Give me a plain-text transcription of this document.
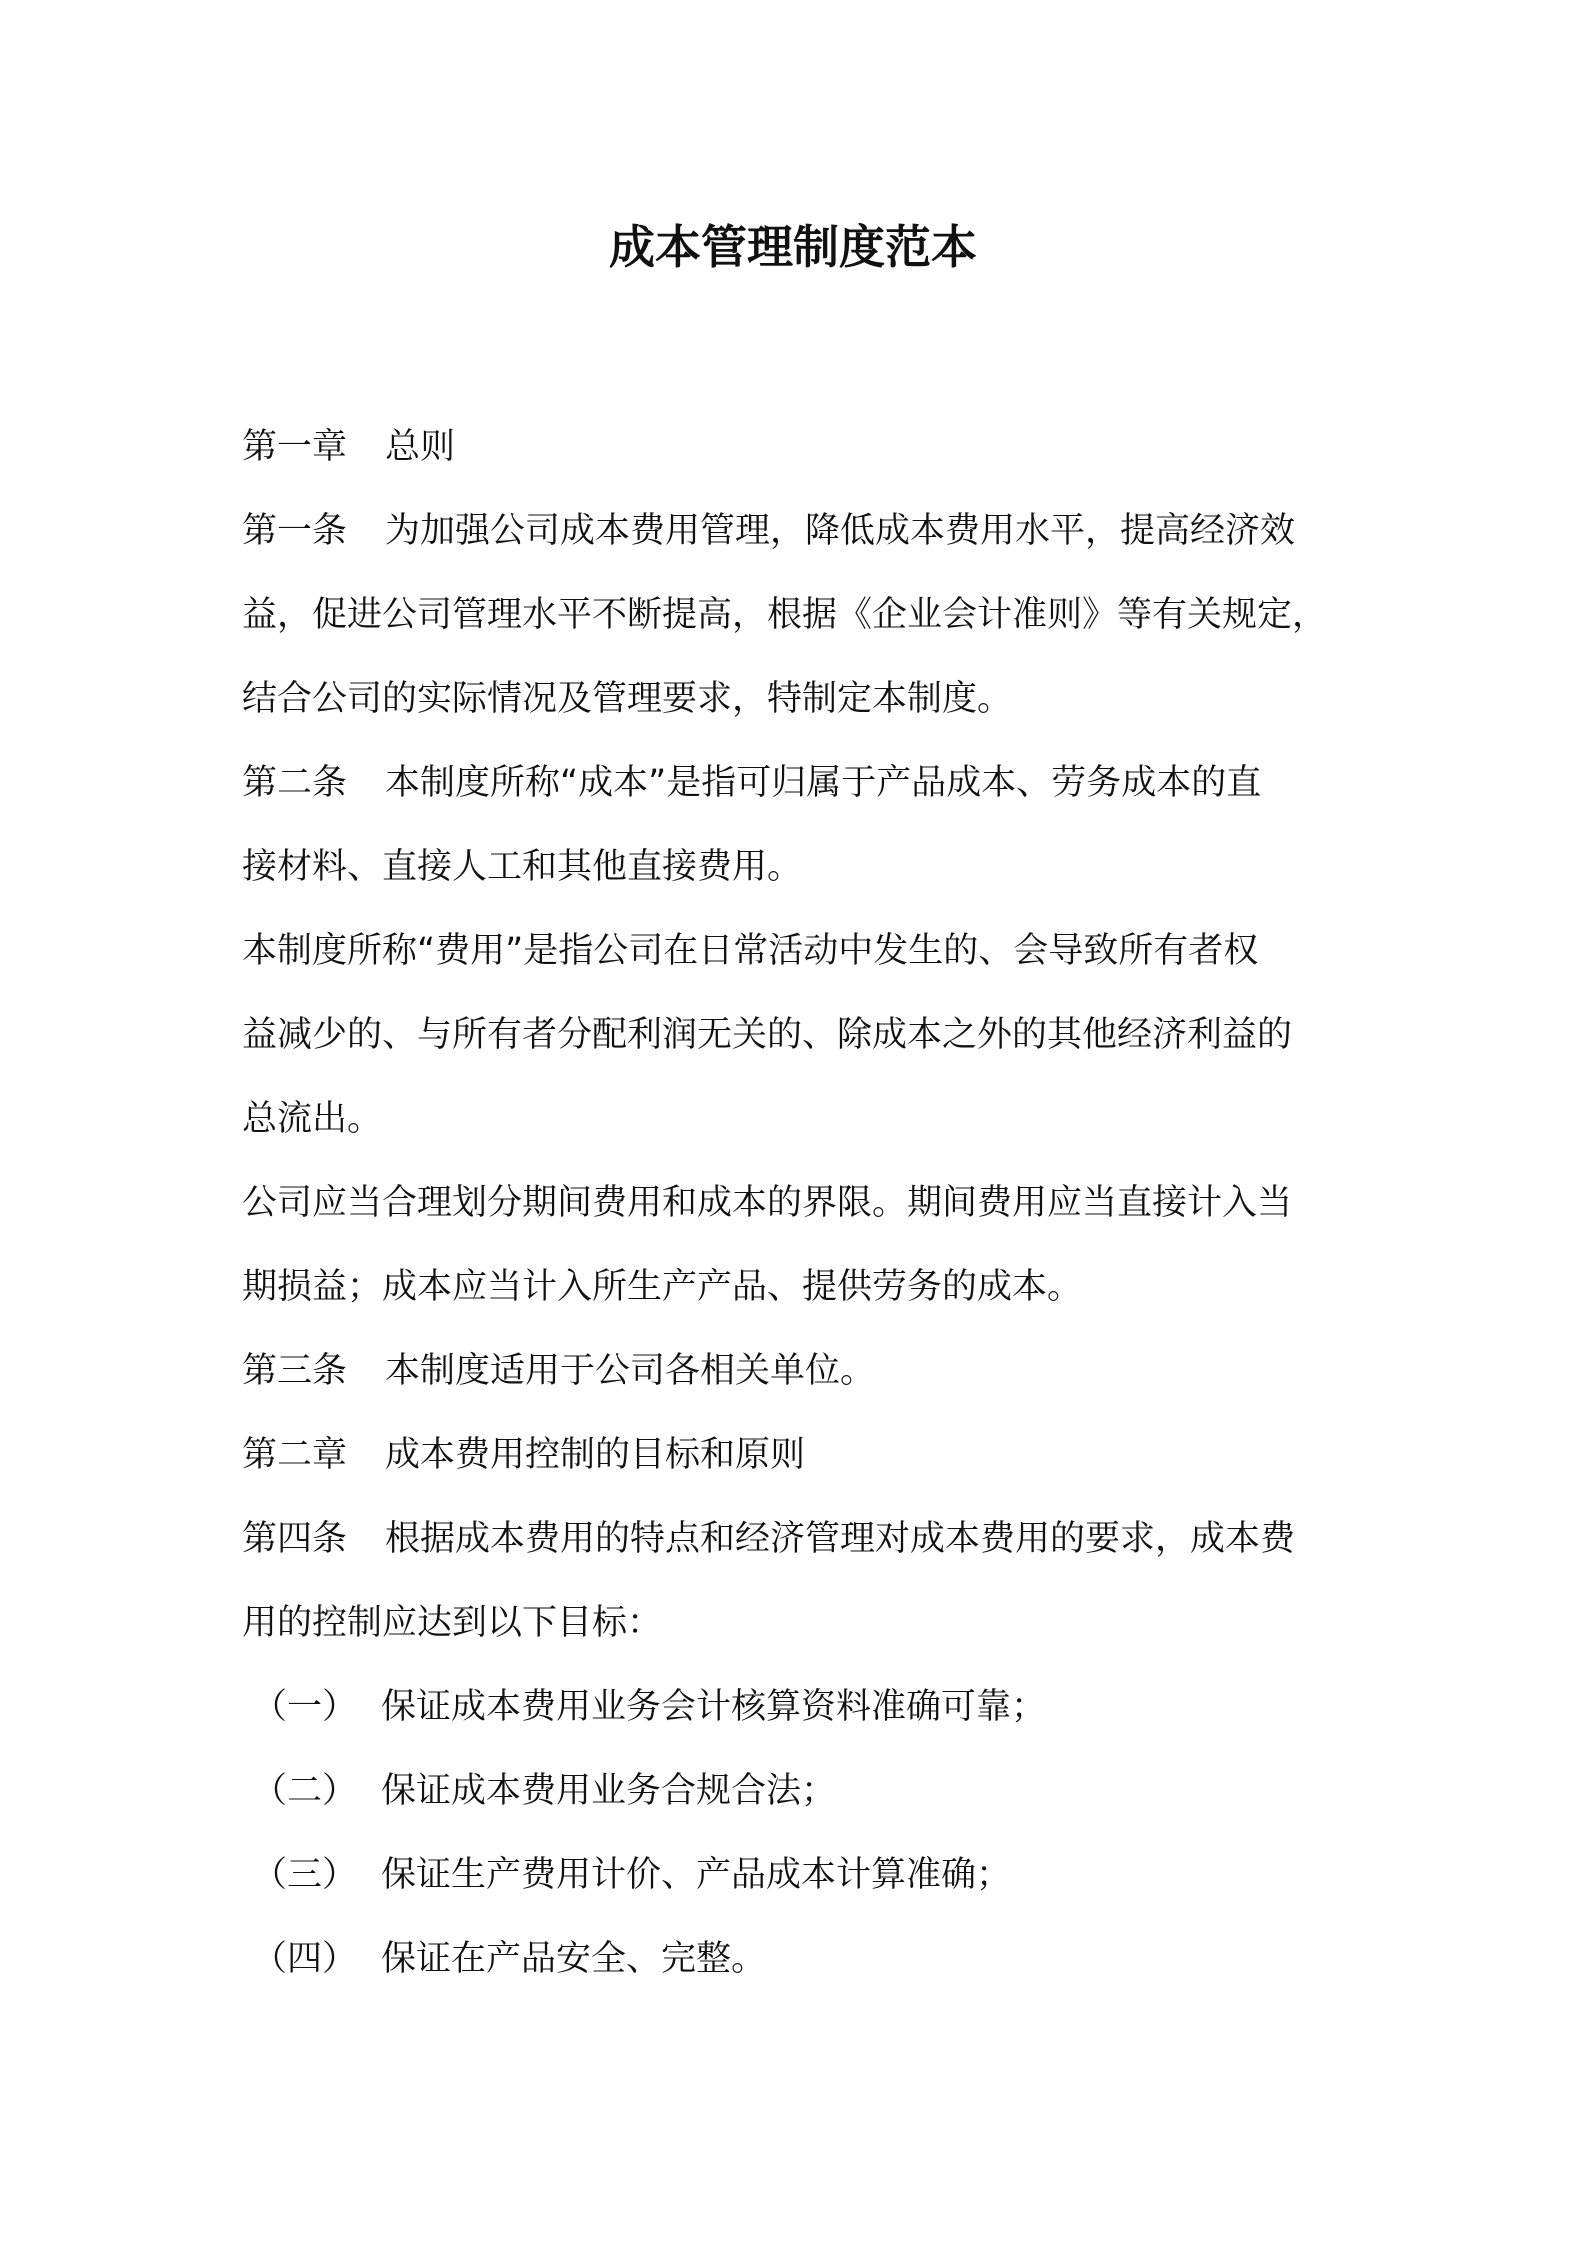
成本管理制度范本
第一章 总则
第一条 为加强公司成本费用管理，降低成本费用水平，提高经济效
益，促进公司管理水平不断提高，根据《企业会计准则》等有关规定，
结合公司的实际情况及管理要求，特制定本制度。
第二条 本制度所称“成本”是指可归属于产品成本、劳务成本的直
接材料、直接人工和其他直接费用。
本制度所称“费用”是指公司在日常活动中发生的、会导致所有者权
益减少的、与所有者分配利润无关的、除成本之外的其他经济利益的
总流出。
公司应当合理划分期间费用和成本的界限。期间费用应当直接计入当
期损益；成本应当计入所生产产品、提供劳务的成本。
第三条 本制度适用于公司各相关单位。
第二章 成本费用控制的目标和原则
第四条 根据成本费用的特点和经济管理对成本费用的要求，成本费
用的控制应达到以下目标：
（一） 保证成本费用业务会计核算资料准确可靠；
（二） 保证成本费用业务合规合法；
（三） 保证生产费用计价、产品成本计算准确；
（四） 保证在产品安全、完整。
